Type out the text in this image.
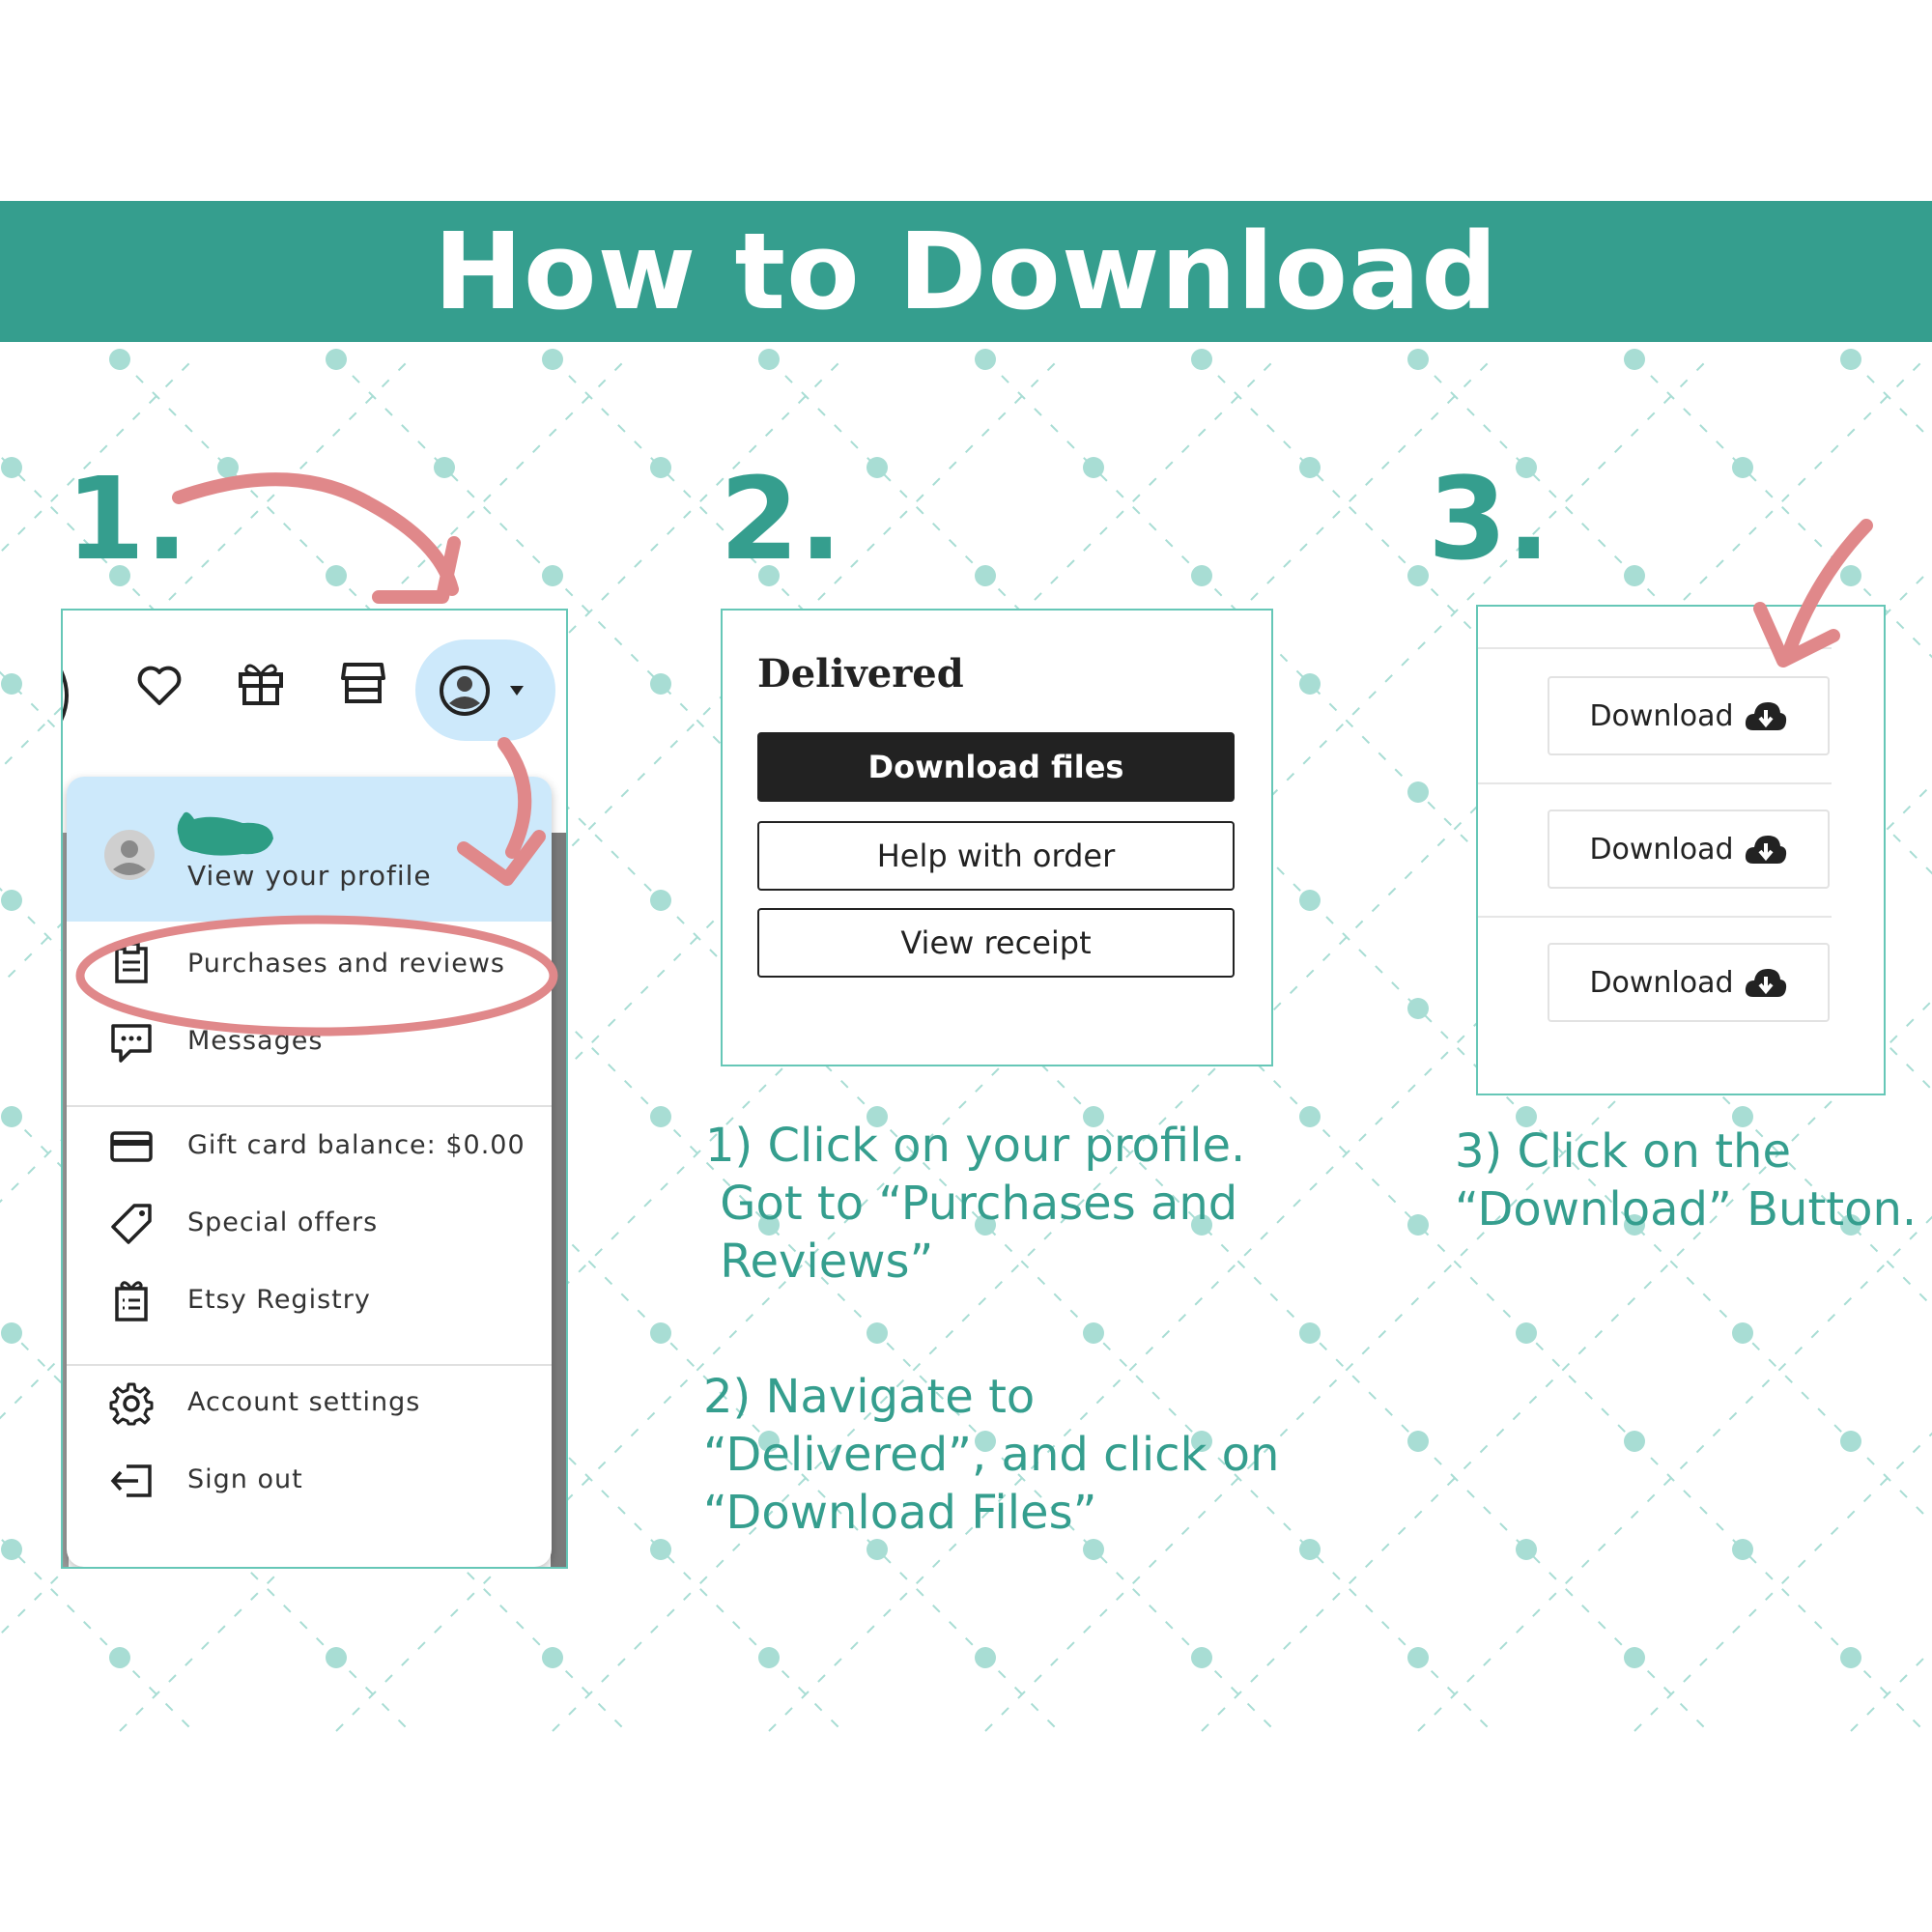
How to Download
1.	2.	3.
View your profile
Purchases and reviews
Messages
Gift card balance: $0.00
Special offers
Etsy Registry
Account settings
Sign out
Delivered
Download files
Help with order
View receipt
Download
Download
Download
1) Click on your profile.
Got to “Purchases and
Reviews”
2) Navigate to
“Delivered”, and click on
“Download Files”
3) Click on the
“Download” Button.
